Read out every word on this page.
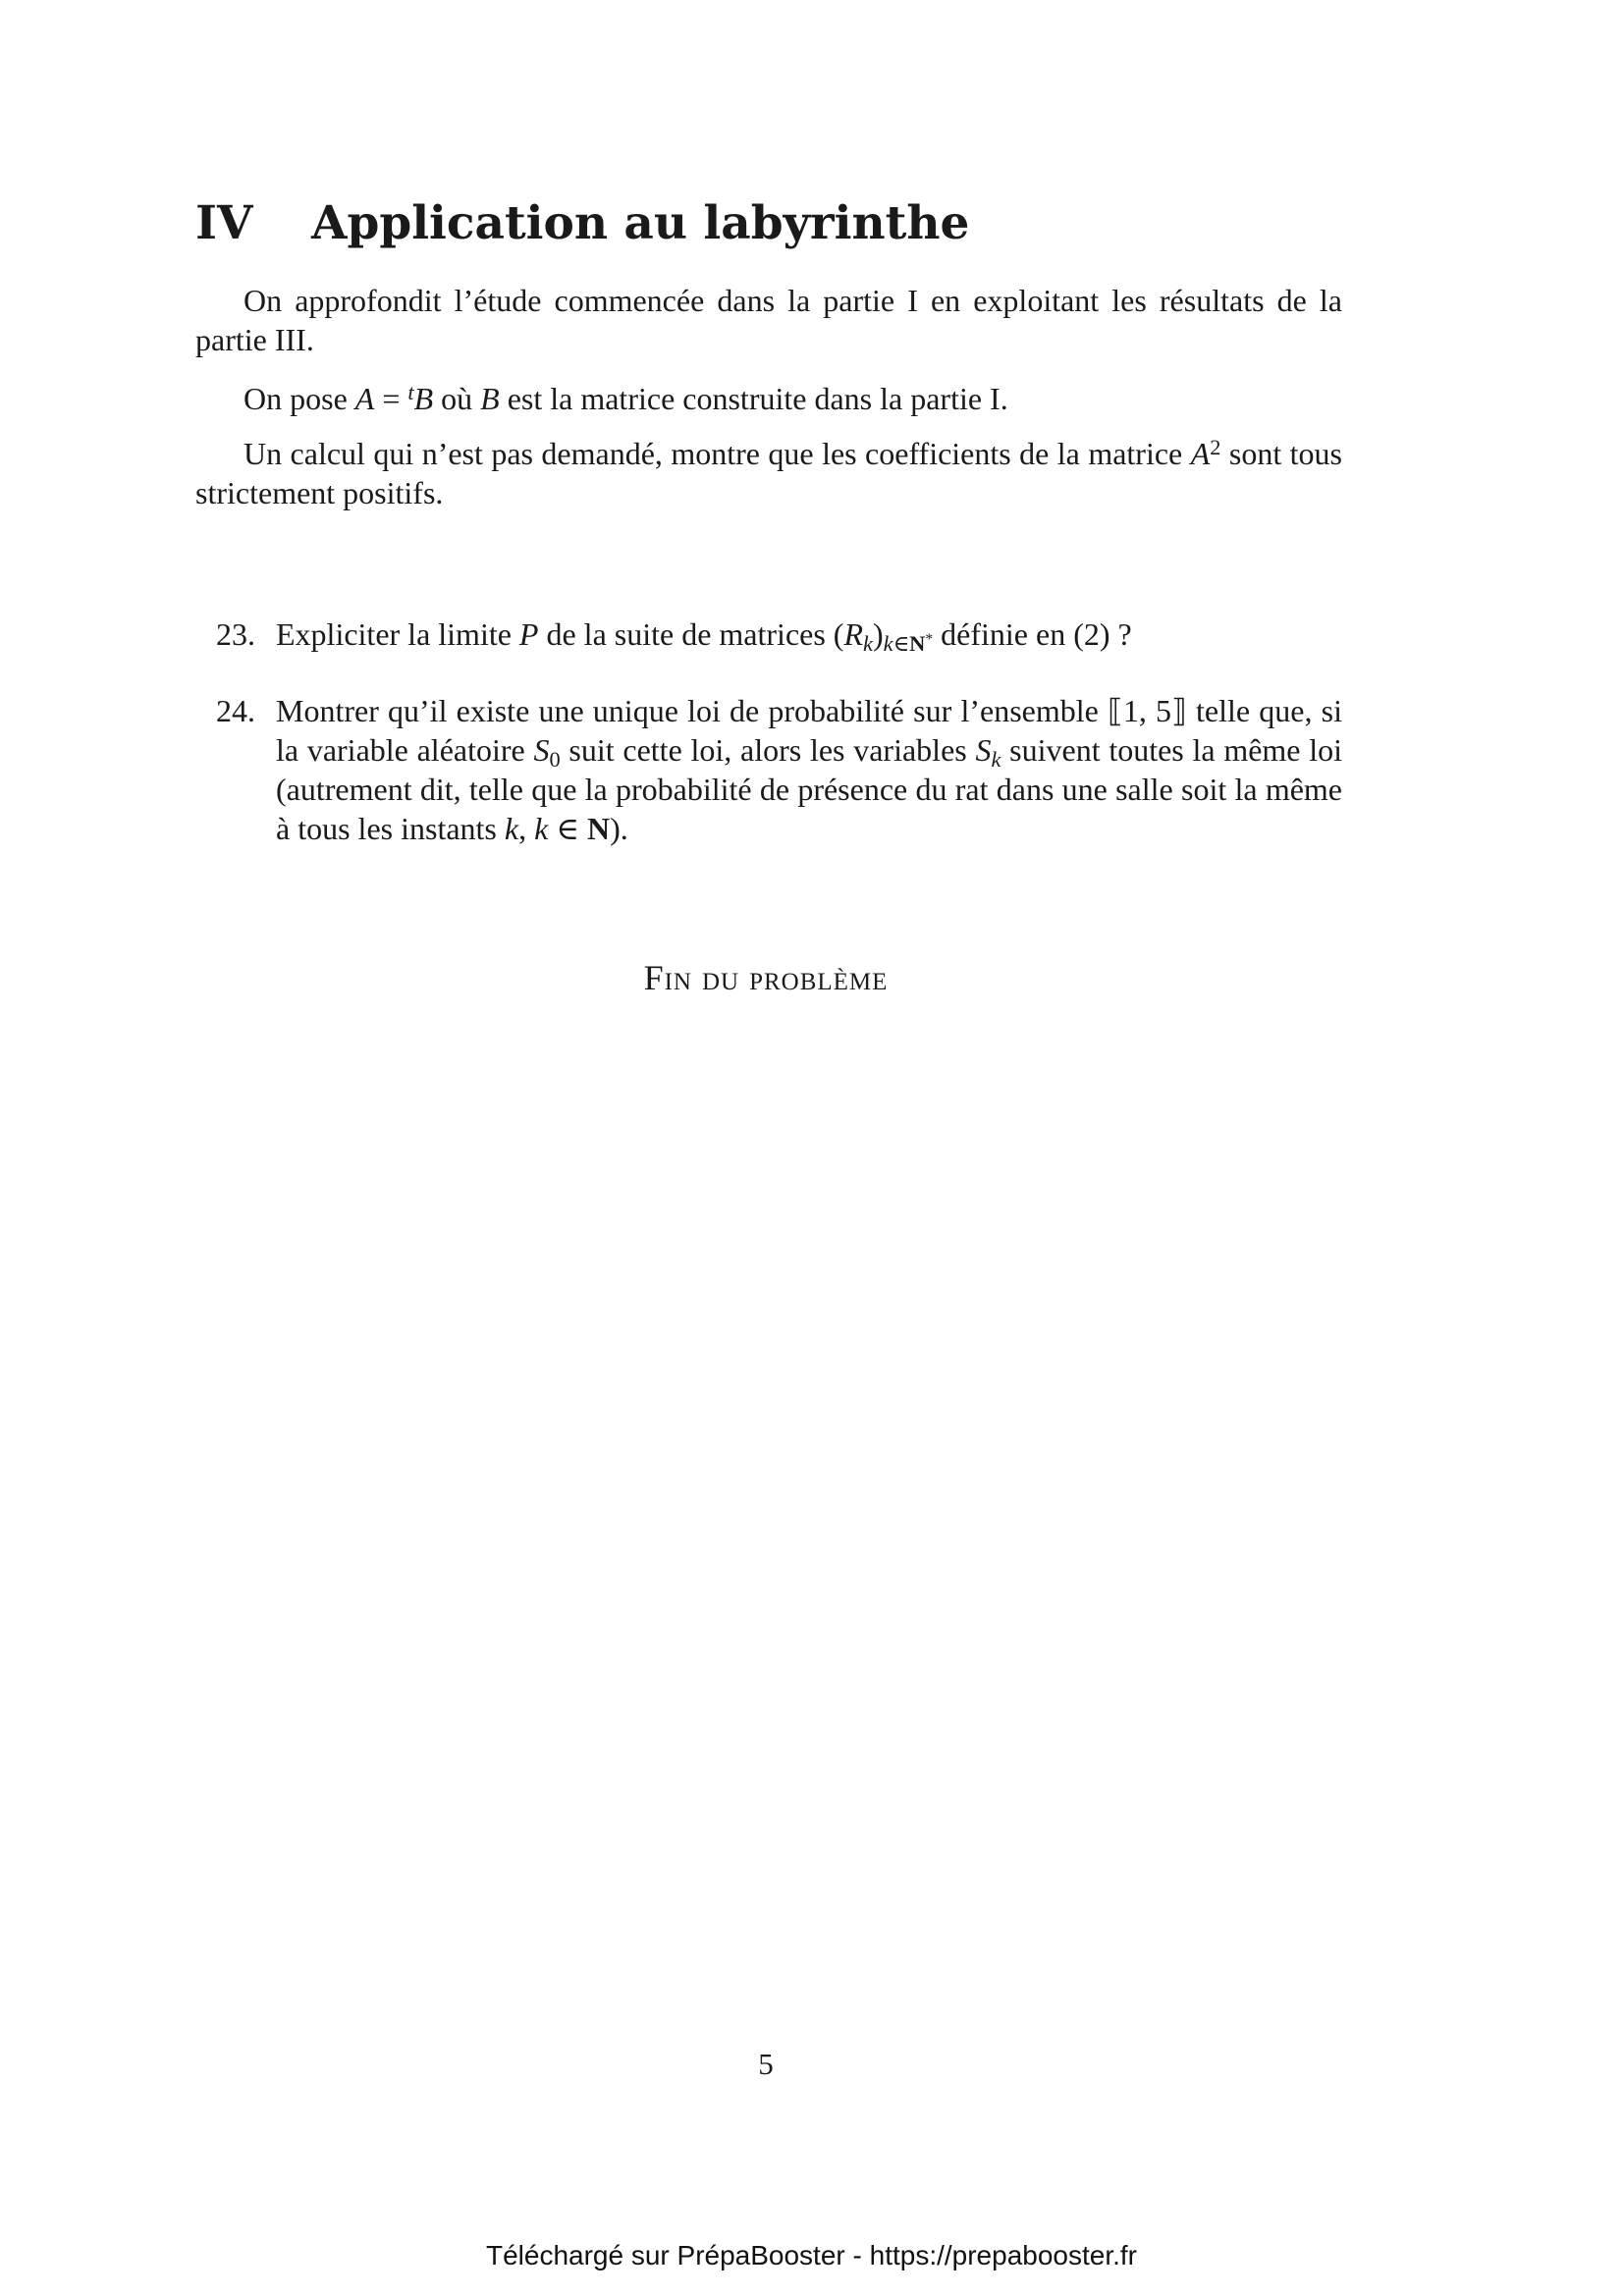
IV Application au labyrinthe
On approfondit l’étude commencée dans la partie I en exploitant les résultats de la partie III.
On pose A = $^t$B où B est la matrice construite dans la partie I.
Un calcul qui n’est pas demandé, montre que les coefficients de la matrice $A^2$ sont tous strictement positifs.
23. Expliciter la limite P de la suite de matrices $(R_k)_{k\in N^*}$ définie en (2) ?
24. Montrer qu’il existe une unique loi de probabilité sur l’ensemble ⟦1, 5⟧ telle que, si la variable aléatoire $S_0$ suit cette loi, alors les variables $S_k$ suivent toutes la même loi (autrement dit, telle que la probabilité de présence du rat dans une salle soit la même à tous les instants k, k ∈ N).
Fin du problème
5
Téléchargé sur PrépaBooster - https://prepabooster.fr
